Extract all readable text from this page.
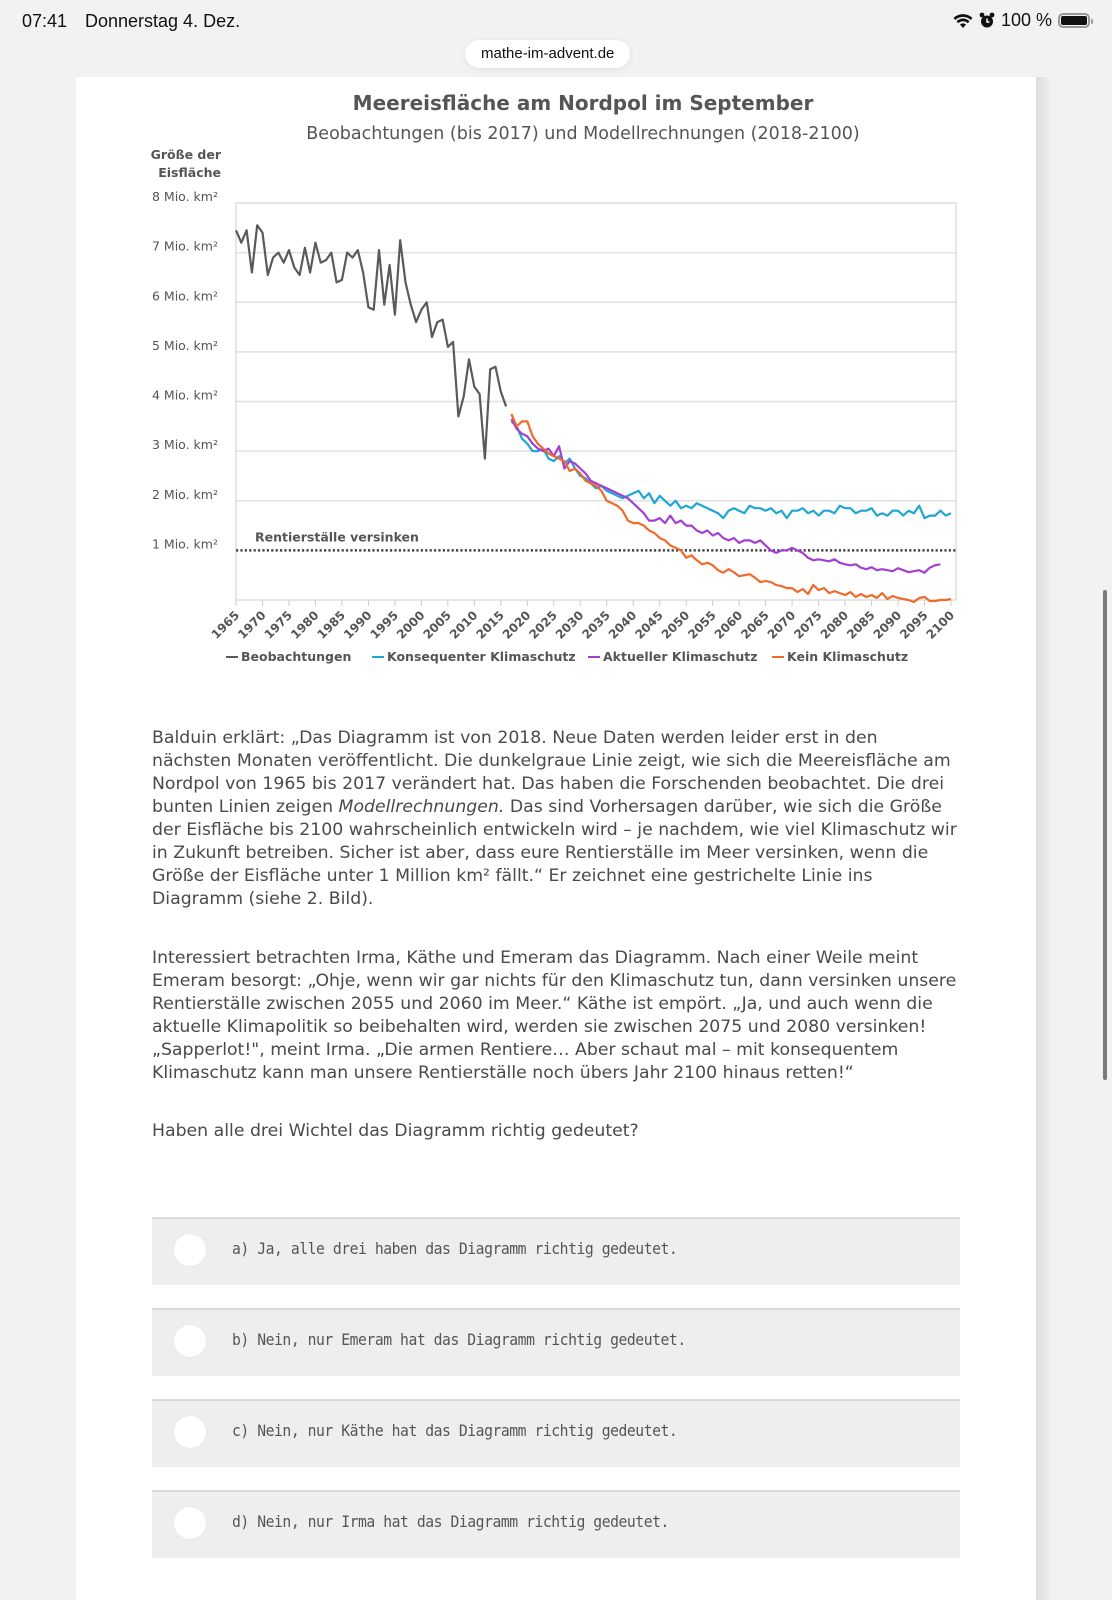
07:41 Donnerstag 4. Dez.	100 %
mathe-im-advent.de
Meereisfläche am Nordpol im September
Beobachtungen (bis 2017) und Modellrechnungen (2018-2100)
Größe der
Eisfläche
8 Mio. km²
7 Mio. km²
6 Mio. km²
5 Mio. km²
4 Mio. km²
3 Mio. km²
2 Mio. km²
1 Mio. km²
1965
1970
1975
1980
1985
1990
1995
2000
2005
2010
2015
2020
2025
2030
2035
2040
2045
2050
2055
2060
2065
2070
2075
2080
2085
2090
2095
2100
Rentierställe versinken
Beobachtungen	Konsequenter Klimaschutz Aktueller Klimaschutz Kein Klimaschutz
Balduin erklärt: „Das Diagramm ist von 2018. Neue Daten werden leider erst in den nächsten Monaten veröffentlicht. Die dunkelgraue Linie zeigt, wie sich die Meereisfläche am Nordpol von 1965 bis 2017 verändert hat. Das haben die Forschenden beobachtet. Die drei bunten Linien zeigen Modellrechnungen. Das sind Vorhersagen darüber, wie sich die Größe der Eisfläche bis 2100 wahrscheinlich entwickeln wird – je nachdem, wie viel Klimaschutz wir in Zukunft betreiben. Sicher ist aber, dass eure Rentierställe im Meer versinken, wenn die Größe der Eisfläche unter 1 Million km² fällt.“ Er zeichnet eine gestrichelte Linie ins Diagramm (siehe 2. Bild).
Interessiert betrachten Irma, Käthe und Emeram das Diagramm. Nach einer Weile meint Emeram besorgt: „Ohje, wenn wir gar nichts für den Klimaschutz tun, dann versinken unsere Rentierställe zwischen 2055 und 2060 im Meer.“ Käthe ist empört. „Ja, und auch wenn die aktuelle Klimapolitik so beibehalten wird, werden sie zwischen 2075 und 2080 versinken! „Sapperlot!", meint Irma. „Die armen Rentiere… Aber schaut mal – mit konsequentem Klimaschutz kann man unsere Rentierställe noch übers Jahr 2100 hinaus retten!“
Haben alle drei Wichtel das Diagramm richtig gedeutet?
a) Ja, alle drei haben das Diagramm richtig gedeutet.
b) Nein, nur Emeram hat das Diagramm richtig gedeutet.
c) Nein, nur Käthe hat das Diagramm richtig gedeutet.
d) Nein, nur Irma hat das Diagramm richtig gedeutet.
